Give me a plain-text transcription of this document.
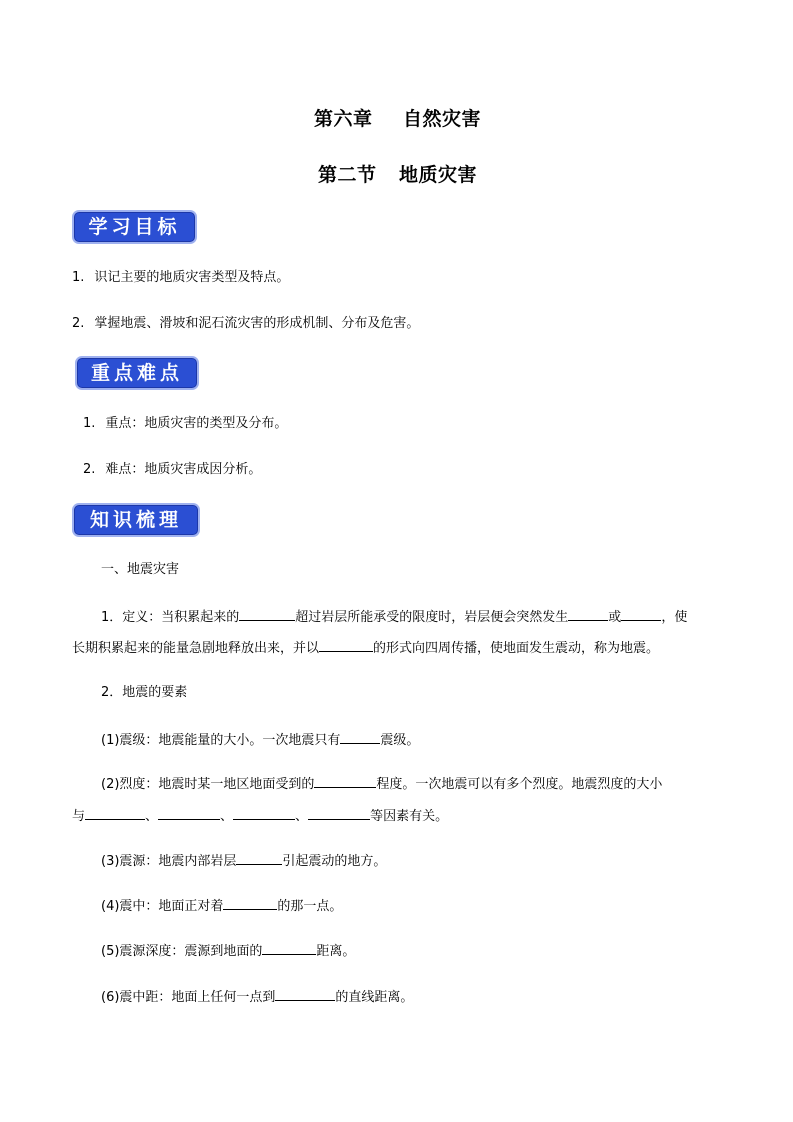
第六章 自然灾害
第二节 地质灾害
学习目标
1. 识记主要的地质灾害类型及特点。
2. 掌握地震、滑坡和泥石流灾害的形成机制、分布及危害。
重点难点
1. 重点：地质灾害的类型及分布。
2. 难点：地质灾害成因分析。
知识梳理
一、地震灾害
1．定义：当积累起来的	超过岩层所能承受的限度时，岩层便会突然发生	或	，使
长期积累起来的能量急剧地释放出来，并以	的形式向四周传播，使地面发生震动，称为地震。
2．地震的要素
(1)震级：地震能量的大小。一次地震只有	震级。
(2)烈度：地震时某一地区地面受到的	程度。一次地震可以有多个烈度。地震烈度的大小
与	、	、	、	等因素有关。
(3)震源：地震内部岩层	引起震动的地方。
(4)震中：地面正对着	的那一点。
(5)震源深度：震源到地面的	距离。
(6)震中距：地面上任何一点到	的直线距离。
